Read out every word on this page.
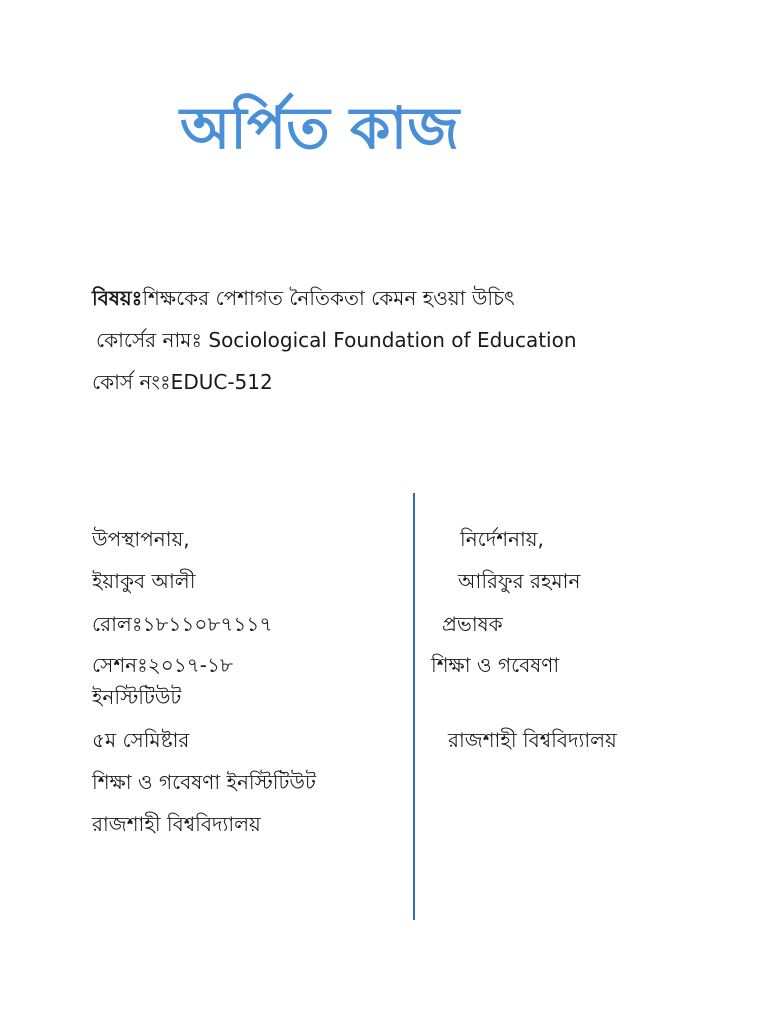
অর্পিত কাজ
বিষয়ঃশিক্ষকের পেশাগত নৈতিকতা কেমন হওয়া উচিৎ
কোর্সের নামঃ Sociological Foundation of Education
কোর্স নংঃEDUC-512
উপস্থাপনায়,
ইয়াকুব আলী
রোলঃ১৮১১০৮৭১১৭
সেশনঃ২০১৭-১৮
ইনস্টিটিউট
৫ম সেমিষ্টার
শিক্ষা ও গবেষণা ইনস্টিটিউট
রাজশাহী বিশ্ববিদ্যালয়
নির্দেশনায়,
আরিফুর রহমান
প্রভাষক
শিক্ষা ও গবেষণা
রাজশাহী বিশ্ববিদ্যালয়
